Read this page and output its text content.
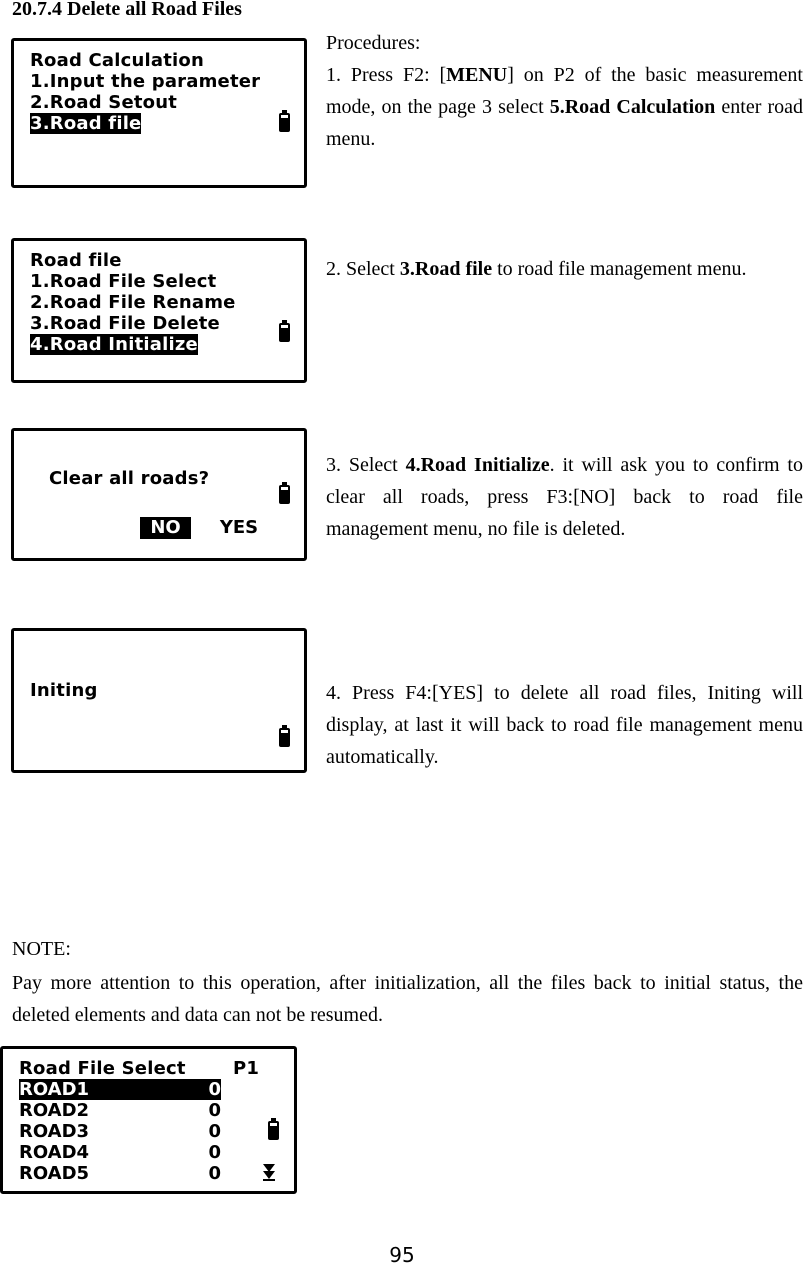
20.7.4 Delete all Road Files
Road Calculation
1.Input the parameter
2.Road Setout
3.Road file
Procedures:
1. Press F2: [MENU] on P2 of the basic measurement mode, on the page 3 select 5.Road Calculation enter road menu.
Road file
1.Road File Select
2.Road File Rename
3.Road File Delete
4.Road Initialize
2. Select 3.Road file to road file management menu.
Clear all roads?
NO	YES
3. Select 4.Road Initialize. it will ask you to confirm to clear all roads, press F3:[NO] back to road file management menu, no file is deleted.
Initing	4. Press F4:[YES] to delete all road files, Initing will display, at last it will back to road file management menu automatically.
NOTE:
Pay more attention to this operation, after initialization, all the files back to initial status, the deleted elements and data can not be resumed.
Road File Select	P1
ROAD1	0
ROAD2	0
ROAD3	0
ROAD4	0
ROAD5	0
95
